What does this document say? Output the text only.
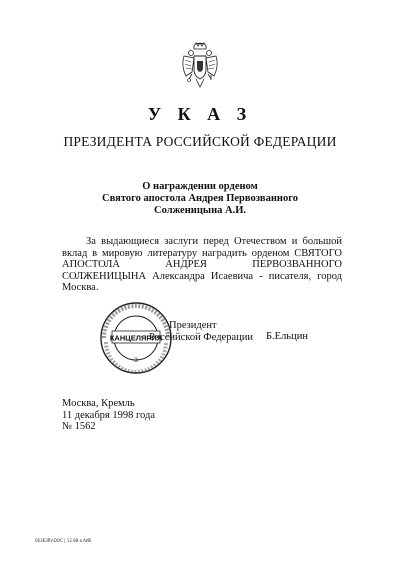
У К А З
ПРЕЗИДЕНТА РОССИЙСКОЙ ФЕДЕРАЦИИ
О награждении орденом
Святого апостола Андрея Первозванного
Солженицына А.И.
За выдающиеся заслуги перед Отечеством и большой вклад в мировую литературу наградить орденом СВЯТОГО АПОСТОЛА АНДРЕЯ ПЕРВОЗВАННОГО СОЛЖЕНИЦЫНА Александра Исаевича - писателя, город Москва.
КАНЦЕЛЯРИЯ
3
Президент
Российской Федерации Б.Ельцин
Москва, Кремль
11 декабря 1998 года
№ 1562
063K3RV.DOC | 12.98 в АИЕ
